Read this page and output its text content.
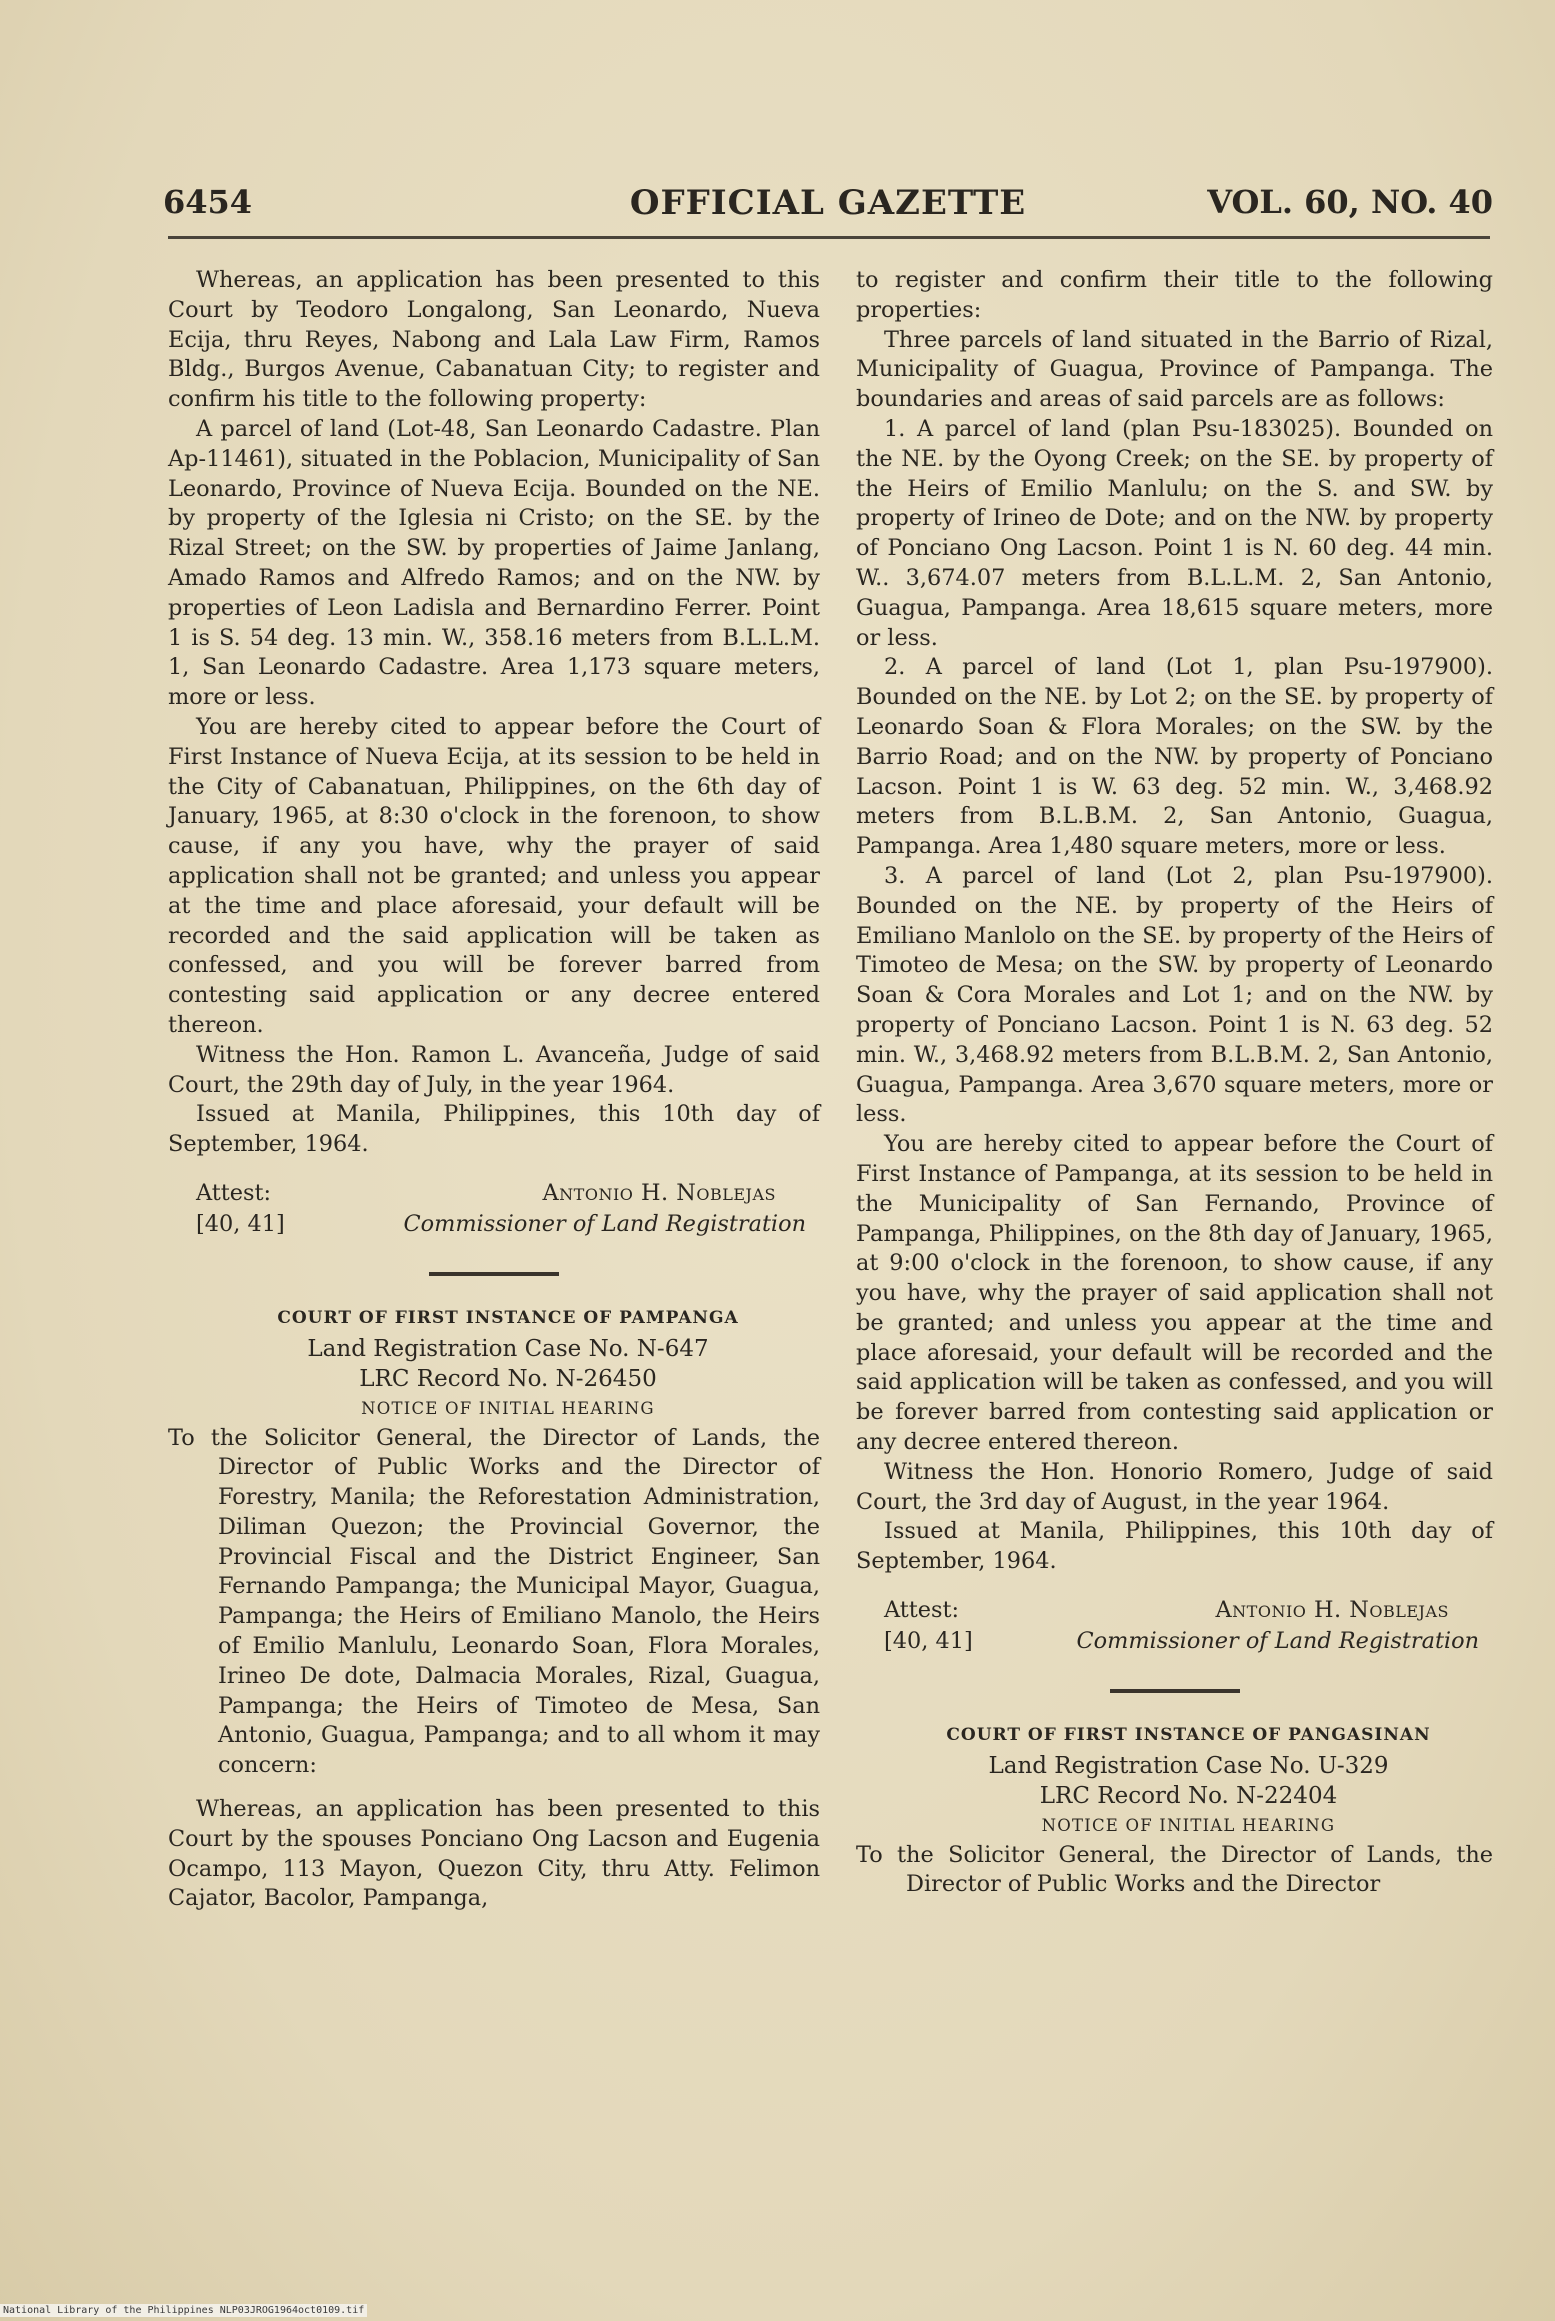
6454	OFFICIAL GAZETTE	VOL. 60, NO. 40

Whereas, an application has been presented to this Court by Teodoro Longalong, San Leonardo, Nueva Ecija, thru Reyes, Nabong and Lala Law Firm, Ramos Bldg., Burgos Avenue, Cabanatuan City; to register and confirm his title to the following property:

A parcel of land (Lot-48, San Leonardo Cadastre. Plan Ap-11461), situated in the Poblacion, Municipality of San Leonardo, Province of Nueva Ecija. Bounded on the NE. by property of the Iglesia ni Cristo; on the SE. by the Rizal Street; on the SW. by properties of Jaime Janlang, Amado Ramos and Alfredo Ramos; and on the NW. by properties of Leon Ladisla and Bernardino Ferrer. Point 1 is S. 54 deg. 13 min. W., 358.16 meters from B.L.L.M. 1, San Leonardo Cadastre. Area 1,173 square meters, more or less.

You are hereby cited to appear before the Court of First Instance of Nueva Ecija, at its session to be held in the City of Cabanatuan, Philippines, on the 6th day of January, 1965, at 8:30 o'clock in the forenoon, to show cause, if any you have, why the prayer of said application shall not be granted; and unless you appear at the time and place aforesaid, your default will be recorded and the said application will be taken as confessed, and you will be forever barred from contesting said application or any decree entered thereon.

Witness the Hon. Ramon L. Avanceña, Judge of said Court, the 29th day of July, in the year 1964.

Issued at Manila, Philippines, this 10th day of September, 1964.

Attest:
[40, 41]
Antonio H. Noblejas
Commissioner of Land Registration

COURT OF FIRST INSTANCE OF PAMPANGA

Land Registration Case No. N-647

LRC Record No. N-26450

NOTICE OF INITIAL HEARING

To the Solicitor General, the Director of Lands, the Director of Public Works and the Director of Forestry, Manila; the Reforestation Administration, Diliman Quezon; the Provincial Governor, the Provincial Fiscal and the District Engineer, San Fernando Pampanga; the Municipal Mayor, Guagua, Pampanga; the Heirs of Emiliano Manolo, the Heirs of Emilio Manlulu, Leonardo Soan, Flora Morales, Irineo De dote, Dalmacia Morales, Rizal, Guagua, Pampanga; the Heirs of Timoteo de Mesa, San Antonio, Guagua, Pampanga; and to all whom it may concern:

Whereas, an application has been presented to this Court by the spouses Ponciano Ong Lacson and Eugenia Ocampo, 113 Mayon, Quezon City, thru Atty. Felimon Cajator, Bacolor, Pampanga,

to register and confirm their title to the following properties:

Three parcels of land situated in the Barrio of Rizal, Municipality of Guagua, Province of Pampanga. The boundaries and areas of said parcels are as follows:

1. A parcel of land (plan Psu-183025). Bounded on the NE. by the Oyong Creek; on the SE. by property of the Heirs of Emilio Manlulu; on the S. and SW. by property of Irineo de Dote; and on the NW. by property of Ponciano Ong Lacson. Point 1 is N. 60 deg. 44 min. W.. 3,674.07 meters from B.L.L.M. 2, San Antonio, Guagua, Pampanga. Area 18,615 square meters, more or less.

2. A parcel of land (Lot 1, plan Psu-197900). Bounded on the NE. by Lot 2; on the SE. by property of Leonardo Soan & Flora Morales; on the SW. by the Barrio Road; and on the NW. by property of Ponciano Lacson. Point 1 is W. 63 deg. 52 min. W., 3,468.92 meters from B.L.B.M. 2, San Antonio, Guagua, Pampanga. Area 1,480 square meters, more or less.

3. A parcel of land (Lot 2, plan Psu-197900). Bounded on the NE. by property of the Heirs of Emiliano Manlolo on the SE. by property of the Heirs of Timoteo de Mesa; on the SW. by property of Leonardo Soan & Cora Morales and Lot 1; and on the NW. by property of Ponciano Lacson. Point 1 is N. 63 deg. 52 min. W., 3,468.92 meters from B.L.B.M. 2, San Antonio, Guagua, Pampanga. Area 3,670 square meters, more or less.

You are hereby cited to appear before the Court of First Instance of Pampanga, at its session to be held in the Municipality of San Fernando, Province of Pampanga, Philippines, on the 8th day of January, 1965, at 9:00 o'clock in the forenoon, to show cause, if any you have, why the prayer of said application shall not be granted; and unless you appear at the time and place aforesaid, your default will be recorded and the said application will be taken as confessed, and you will be forever barred from contesting said application or any decree entered thereon.

Witness the Hon. Honorio Romero, Judge of said Court, the 3rd day of August, in the year 1964.

Issued at Manila, Philippines, this 10th day of September, 1964.

Attest:
[40, 41]
Antonio H. Noblejas
Commissioner of Land Registration

COURT OF FIRST INSTANCE OF PANGASINAN

Land Registration Case No. U-329

LRC Record No. N-22404

NOTICE OF INITIAL HEARING

To the Solicitor General, the Director of Lands, the Director of Public Works and the Director

National Library of the Philippines NLP03JROG1964oct0109.tif
